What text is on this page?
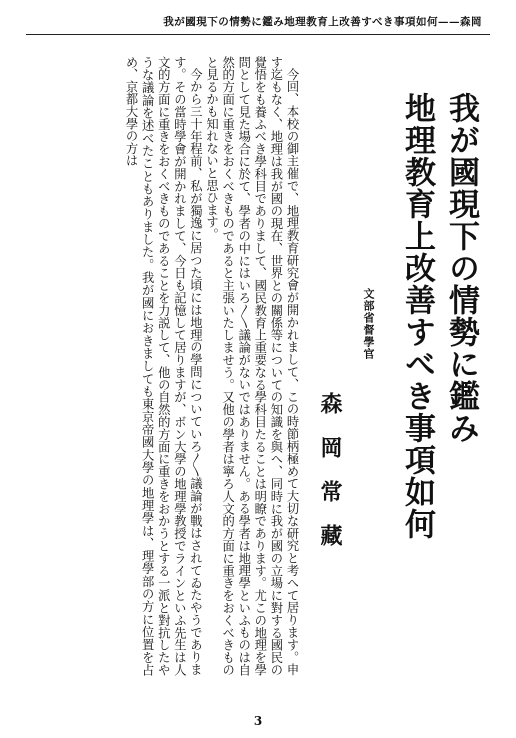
我が國現下の情勢に鑑み地理教育上改善すべき事項如何——森岡
我が國現下の情勢に鑑み
地理教育上改善すべき事項如何
文部省督學官
森岡常藏

今回、本校の御主催で、地理教育研究會が開かれまして、この時節柄極めて大切な研究と考へて居ります。申す迄もなく、地理は我が國の現在、世界との關係等についての知識を與へ、同時に我が國の立場に對する國民の覺悟をも養ふべき學科目でありまして、國民教育上重要なる學科目たることは明瞭であります。尤この地理を學問として見た場合に於て、學者の中にはいろ〳〵議論がないではありません。ある學者は地理學といふものは自然的方面に重きをおくべきものであると主張いたしませう。又他の學者は寧ろ人文的方面に重きをおくべきものと見るかも知れないと思ひます。

今から三十年程前、私が獨逸に居つた頃には地理の學問についていろ〳〵議論が戰はされてゐたやうであります。その當時學會が開かれまして、今日も記憶して居りますが、ボン大學の地理學教授でラインといふ先生は人文的方面に重きをおくべきものであることを力説して、他の自然的方面に重きをおかうとする一派と對抗したやうな議論を述べたこともありました。我が國におきましても東京帝國大學の地理學は、理學部の方に位置を占め、京都大學の方は

3
